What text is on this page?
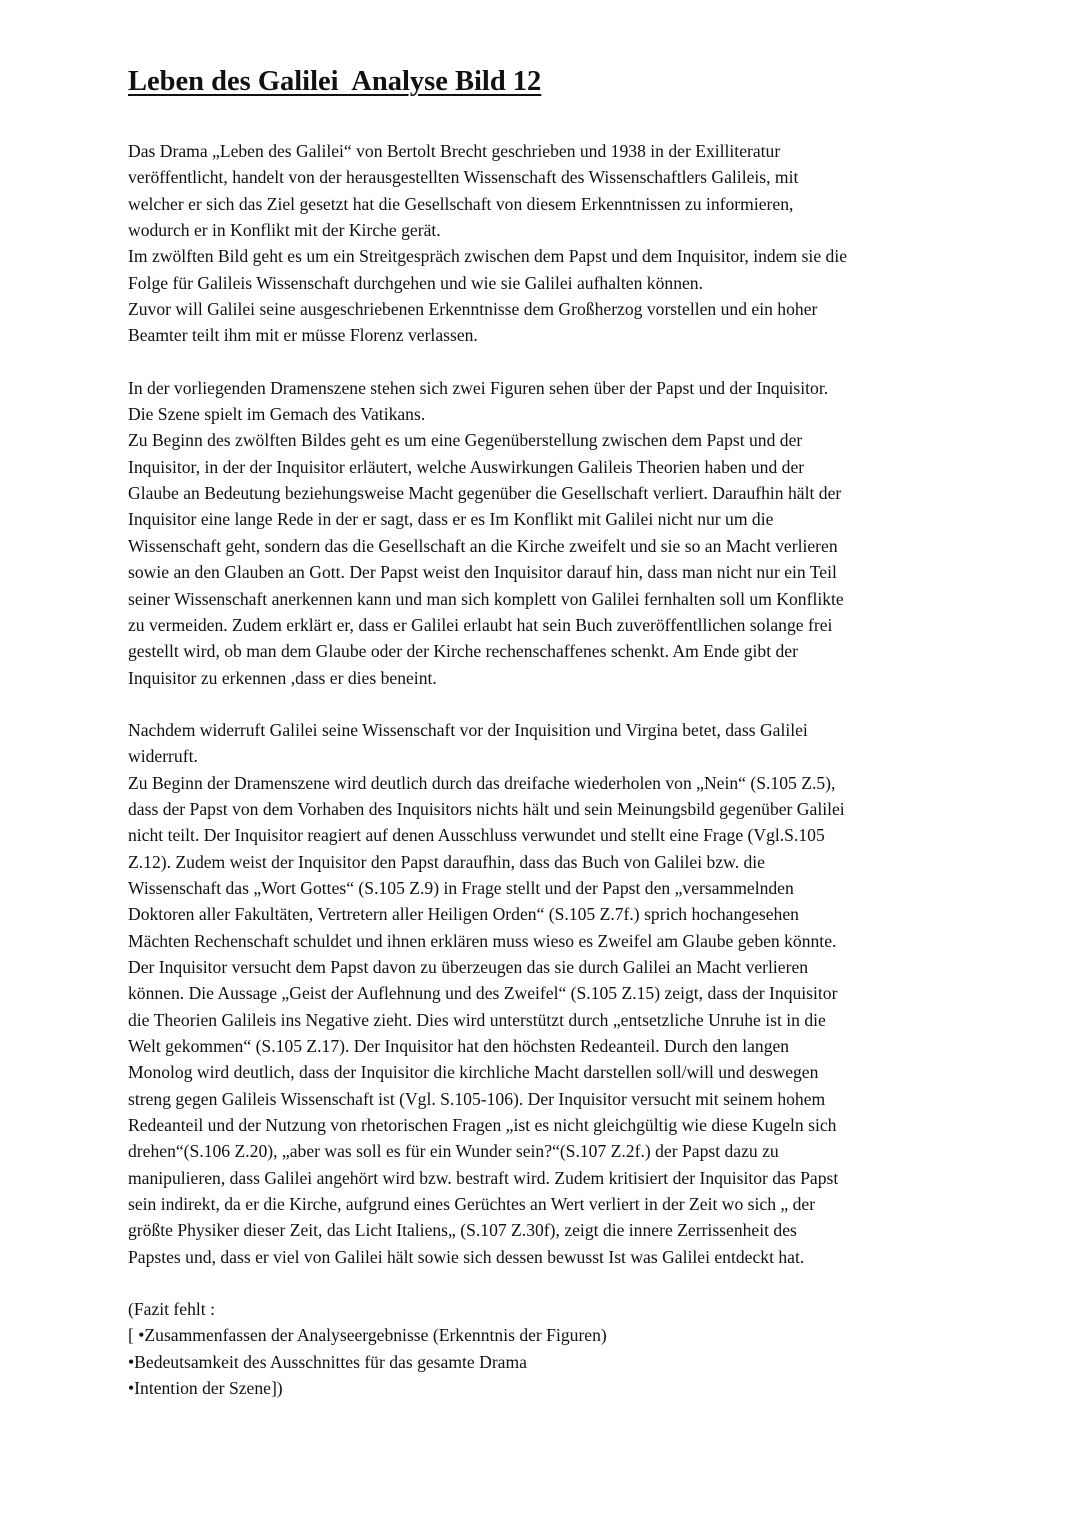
Leben des Galilei  Analyse Bild 12
Das Drama „Leben des Galilei“ von Bertolt Brecht geschrieben und 1938 in der Exilliteratur
veröffentlicht, handelt von der herausgestellten Wissenschaft des Wissenschaftlers Galileis, mit
welcher er sich das Ziel gesetzt hat die Gesellschaft von diesem Erkenntnissen zu informieren,
wodurch er in Konflikt mit der Kirche gerät.
Im zwölften Bild geht es um ein Streitgespräch zwischen dem Papst und dem Inquisitor, indem sie die
Folge für Galileis Wissenschaft durchgehen und wie sie Galilei aufhalten können.
Zuvor will Galilei seine ausgeschriebenen Erkenntnisse dem Großherzog vorstellen und ein hoher
Beamter teilt ihm mit er müsse Florenz verlassen.
In der vorliegenden Dramenszene stehen sich zwei Figuren sehen über der Papst und der Inquisitor.
Die Szene spielt im Gemach des Vatikans.
Zu Beginn des zwölften Bildes geht es um eine Gegenüberstellung zwischen dem Papst und der
Inquisitor, in der der Inquisitor erläutert, welche Auswirkungen Galileis Theorien haben und der
Glaube an Bedeutung beziehungsweise Macht gegenüber die Gesellschaft verliert. Daraufhin hält der
Inquisitor eine lange Rede in der er sagt, dass er es Im Konflikt mit Galilei nicht nur um die
Wissenschaft geht, sondern das die Gesellschaft an die Kirche zweifelt und sie so an Macht verlieren
sowie an den Glauben an Gott. Der Papst weist den Inquisitor darauf hin, dass man nicht nur ein Teil
seiner Wissenschaft anerkennen kann und man sich komplett von Galilei fernhalten soll um Konflikte
zu vermeiden. Zudem erklärt er, dass er Galilei erlaubt hat sein Buch zuveröffentllichen solange frei
gestellt wird, ob man dem Glaube oder der Kirche rechenschaffenes schenkt. Am Ende gibt der
Inquisitor zu erkennen ,dass er dies beneint.
Nachdem widerruft Galilei seine Wissenschaft vor der Inquisition und Virgina betet, dass Galilei
widerruft.
Zu Beginn der Dramenszene wird deutlich durch das dreifache wiederholen von „Nein“ (S.105 Z.5),
dass der Papst von dem Vorhaben des Inquisitors nichts hält und sein Meinungsbild gegenüber Galilei
nicht teilt. Der Inquisitor reagiert auf denen Ausschluss verwundet und stellt eine Frage (Vgl.S.105
Z.12). Zudem weist der Inquisitor den Papst daraufhin, dass das Buch von Galilei bzw. die
Wissenschaft das „Wort Gottes“ (S.105 Z.9) in Frage stellt und der Papst den „versammelnden
Doktoren aller Fakultäten, Vertretern aller Heiligen Orden“ (S.105 Z.7f.) sprich hochangesehen
Mächten Rechenschaft schuldet und ihnen erklären muss wieso es Zweifel am Glaube geben könnte.
Der Inquisitor versucht dem Papst davon zu überzeugen das sie durch Galilei an Macht verlieren
können. Die Aussage „Geist der Auflehnung und des Zweifel“ (S.105 Z.15) zeigt, dass der Inquisitor
die Theorien Galileis ins Negative zieht. Dies wird unterstützt durch „entsetzliche Unruhe ist in die
Welt gekommen“ (S.105 Z.17). Der Inquisitor hat den höchsten Redeanteil. Durch den langen
Monolog wird deutlich, dass der Inquisitor die kirchliche Macht darstellen soll/will und deswegen
streng gegen Galileis Wissenschaft ist (Vgl. S.105-106). Der Inquisitor versucht mit seinem hohem
Redeanteil und der Nutzung von rhetorischen Fragen „ist es nicht gleichgültig wie diese Kugeln sich
drehen“(S.106 Z.20), „aber was soll es für ein Wunder sein?“(S.107 Z.2f.) der Papst dazu zu
manipulieren, dass Galilei angehört wird bzw. bestraft wird. Zudem kritisiert der Inquisitor das Papst
sein indirekt, da er die Kirche, aufgrund eines Gerüchtes an Wert verliert in der Zeit wo sich „ der
größte Physiker dieser Zeit, das Licht Italiens„ (S.107 Z.30f), zeigt die innere Zerrissenheit des
Papstes und, dass er viel von Galilei hält sowie sich dessen bewusst Ist was Galilei entdeckt hat.
(Fazit fehlt :
[ •Zusammenfassen der Analyseergebnisse (Erkenntnis der Figuren)
•Bedeutsamkeit des Ausschnittes für das gesamte Drama
•Intention der Szene])
